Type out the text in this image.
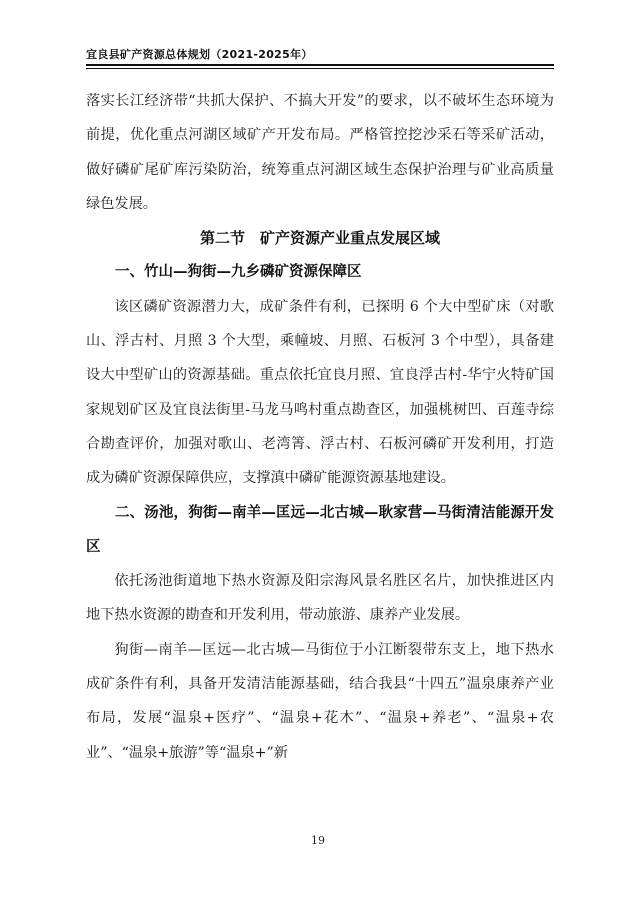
宜良县矿产资源总体规划（2021-2025年）

落实长江经济带“共抓大保护、不搞大开发”的要求，以不破坏生态环境为前提，优化重点河湖区域矿产开发布局。严格管控挖沙采石等采矿活动，做好磷矿尾矿库污染防治，统筹重点河湖区域生态保护治理与矿业高质量绿色发展。

第二节　矿产资源产业重点发展区域

一、竹山—狗街—九乡磷矿资源保障区

该区磷矿资源潜力大，成矿条件有利，已探明 6 个大中型矿床（对歌山、浮古村、月照 3 个大型，乘幢坡、月照、石板河 3 个中型），具备建设大中型矿山的资源基础。重点依托宜良月照、宜良浮古村-华宁火特矿国家规划矿区及宜良法街里-马龙马鸣村重点勘查区，加强桃树凹、百莲寺综合勘查评价，加强对歌山、老湾箐、浮古村、石板河磷矿开发利用，打造成为磷矿资源保障供应，支撑滇中磷矿能源资源基地建设。

二、汤池，狗街—南羊—匡远—北古城—耿家营—马街清洁能源开发区

依托汤池街道地下热水资源及阳宗海风景名胜区名片，加快推进区内地下热水资源的勘查和开发利用，带动旅游、康养产业发展。

狗街—南羊—匡远—北古城—马街位于小江断裂带东支上，地下热水成矿条件有利，具备开发清洁能源基础，结合我县“十四五”温泉康养产业布局，发展“温泉+医疗”、“温泉+花木”、“温泉+养老”、“温泉+农业”、“温泉+旅游”等“温泉+”新

19
